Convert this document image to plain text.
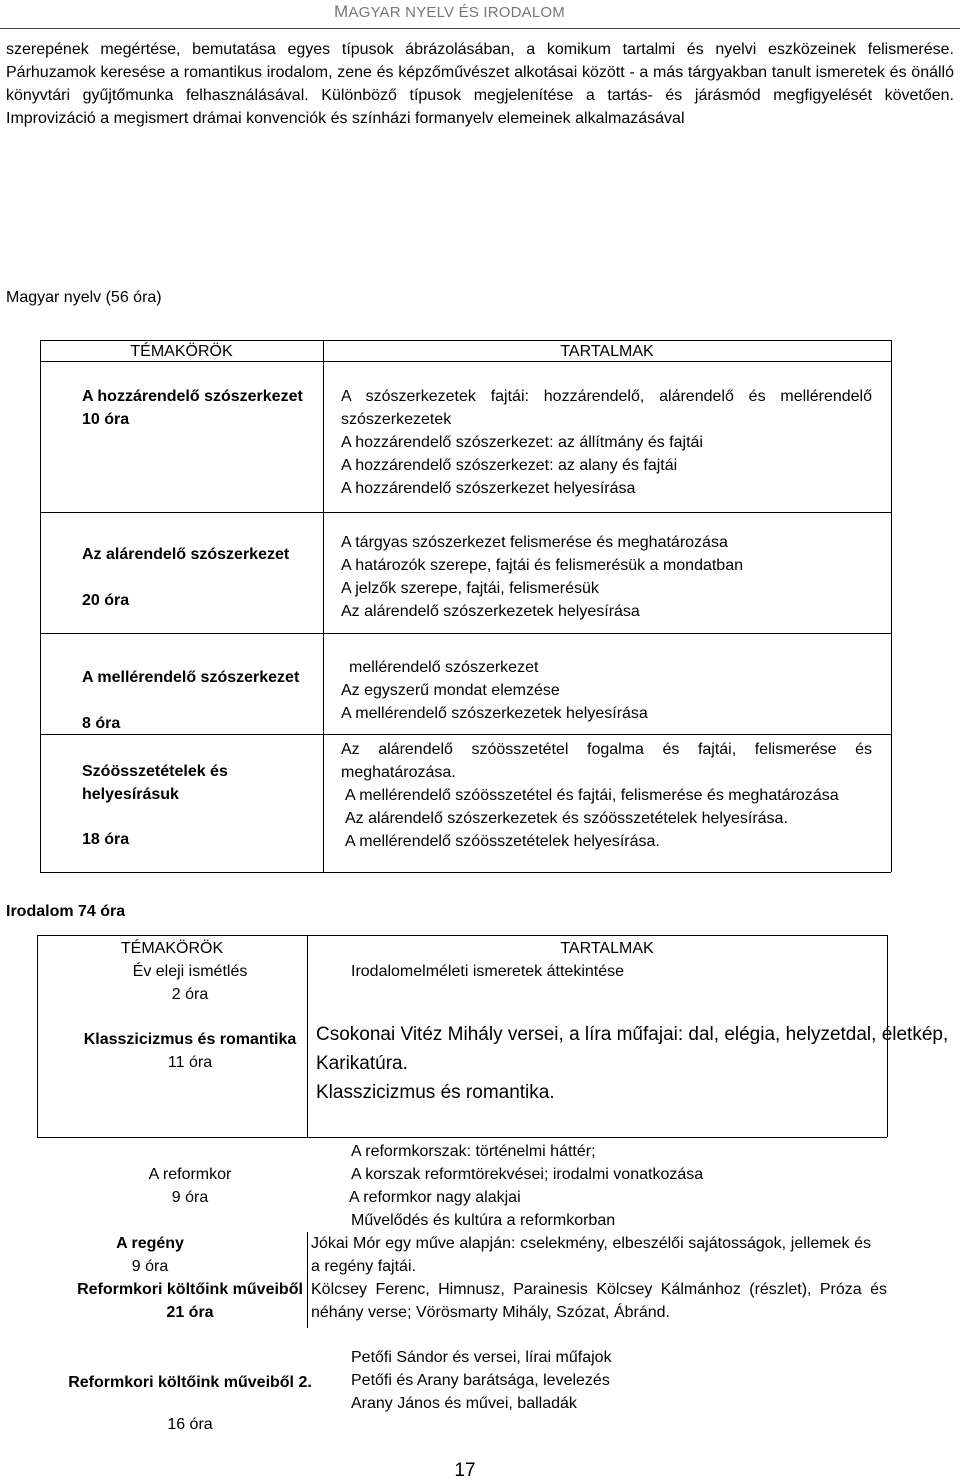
MAGYAR NYELV ÉS IRODALOM

szerepének megértése, bemutatása egyes típusok ábrázolásában, a komikum tartalmi és nyelvi eszközeinek felismerése. Párhuzamok keresése a romantikus irodalom, zene és képzőművészet alkotásai között - a más tárgyakban tanult ismeretek és önálló könyvtári gyűjtőmunka felhasználásával. Különböző típusok megjelenítése a tartás- és járásmód megfigyelését követően. Improvizáció a megismert drámai konvenciók és színházi formanyelv elemeinek alkalmazásával

Magyar nyelv (56 óra)
TÉMAKÖRÖK	TARTALMAK
A hozzárendelő szószerkezet
10 óra
A szószerkezetek fajtái: hozzárendelő, alárendelő és mellérendelő szószerkezetek
A hozzárendelő szószerkezet: az állítmány és fajtái
A hozzárendelő szószerkezet: az alany és fajtái
A hozzárendelő szószerkezet helyesírása
Az alárendelő szószerkezet
20 óra
A tárgyas szószerkezet felismerése és meghatározása
A határozók szerepe, fajtái és felismerésük a mondatban
A jelzők szerepe, fajtái, felismerésük
Az alárendelő szószerkezetek helyesírása
A mellérendelő szószerkezet
8 óra
mellérendelő szószerkezet
Az egyszerű mondat elemzése
A mellérendelő szószerkezetek helyesírása
Szóösszetételek és helyesírásuk
18 óra
Az alárendelő szóösszetétel fogalma és fajtái, felismerése és meghatározása.
A mellérendelő szóösszetétel és fajtái, felismerése és meghatározása
Az alárendelő szószerkezetek és szóösszetételek helyesírása.
A mellérendelő szóösszetételek helyesírása.
Irodalom 74 óra
TÉMAKÖRÖK	TARTALMAK
Év eleji ismétlés
2 óra
Irodalomelméleti ismeretek áttekintése
Klasszicizmus és romantika
11 óra
Csokonai Vitéz Mihály versei, a líra műfajai: dal, elégia, helyzetdal, életkép, Karikatúra.
Klasszicizmus és romantika.
A reformkor
9 óra
A reformkorszak: történelmi háttér;
A korszak reformtörekvései; irodalmi vonatkozása
A reformkor nagy alakjai
Művelődés és kultúra a reformkorban
A regény
9 óra
Jókai Mór egy műve alapján: cselekmény, elbeszélői sajátosságok, jellemek és a regény fajtái.
Reformkori költőink műveiből
21 óra
Kölcsey Ferenc, Himnusz, Parainesis Kölcsey Kálmánhoz (részlet), Próza és néhány verse; Vörösmarty Mihály, Szózat, Ábránd.
Reformkori költőink műveiből 2.
16 óra
Petőfi Sándor és versei, lírai műfajok
Petőfi és Arany barátsága, levelezés
Arany János és művei, balladák
17
